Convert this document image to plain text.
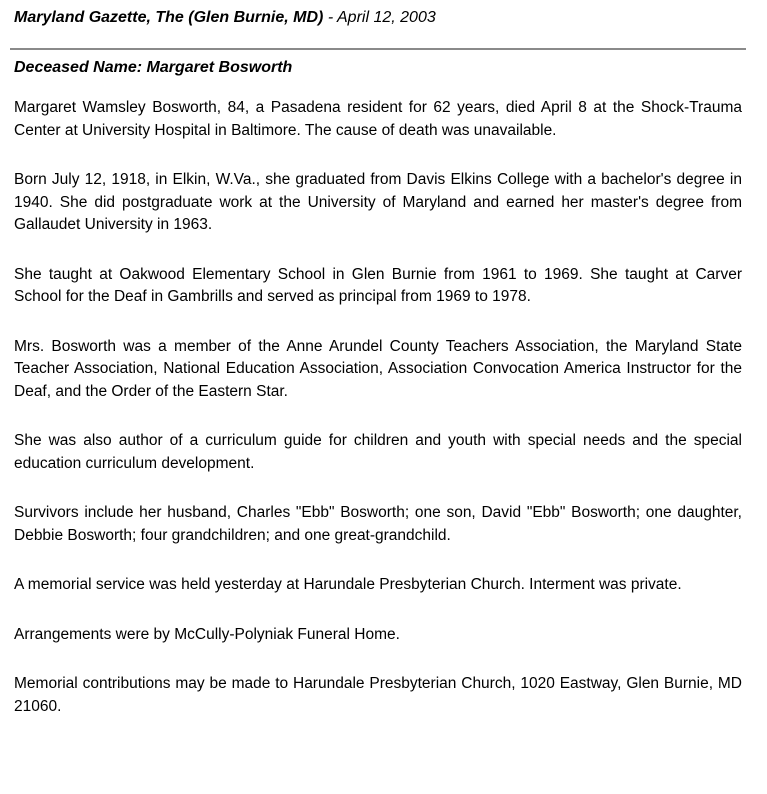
Maryland Gazette, The (Glen Burnie, MD) - April 12, 2003
Deceased Name: Margaret Bosworth

Margaret Wamsley Bosworth, 84, a Pasadena resident for 62 years, died April 8 at the Shock-Trauma Center at University Hospital in Baltimore. The cause of death was unavailable.

Born July 12, 1918, in Elkin, W.Va., she graduated from Davis Elkins College with a bachelor's degree in 1940. She did postgraduate work at the University of Maryland and earned her master's degree from Gallaudet University in 1963.

She taught at Oakwood Elementary School in Glen Burnie from 1961 to 1969. She taught at Carver School for the Deaf in Gambrills and served as principal from 1969 to 1978.

Mrs. Bosworth was a member of the Anne Arundel County Teachers Association, the Maryland State Teacher Association, National Education Association, Association Convocation America Instructor for the Deaf, and the Order of the Eastern Star.

She was also author of a curriculum guide for children and youth with special needs and the special education curriculum development.

Survivors include her husband, Charles "Ebb" Bosworth; one son, David "Ebb" Bosworth; one daughter, Debbie Bosworth; four grandchildren; and one great-grandchild.

A memorial service was held yesterday at Harundale Presbyterian Church. Interment was private.

Arrangements were by McCully-Polyniak Funeral Home.

Memorial contributions may be made to Harundale Presbyterian Church, 1020 Eastway, Glen Burnie, MD 21060.
